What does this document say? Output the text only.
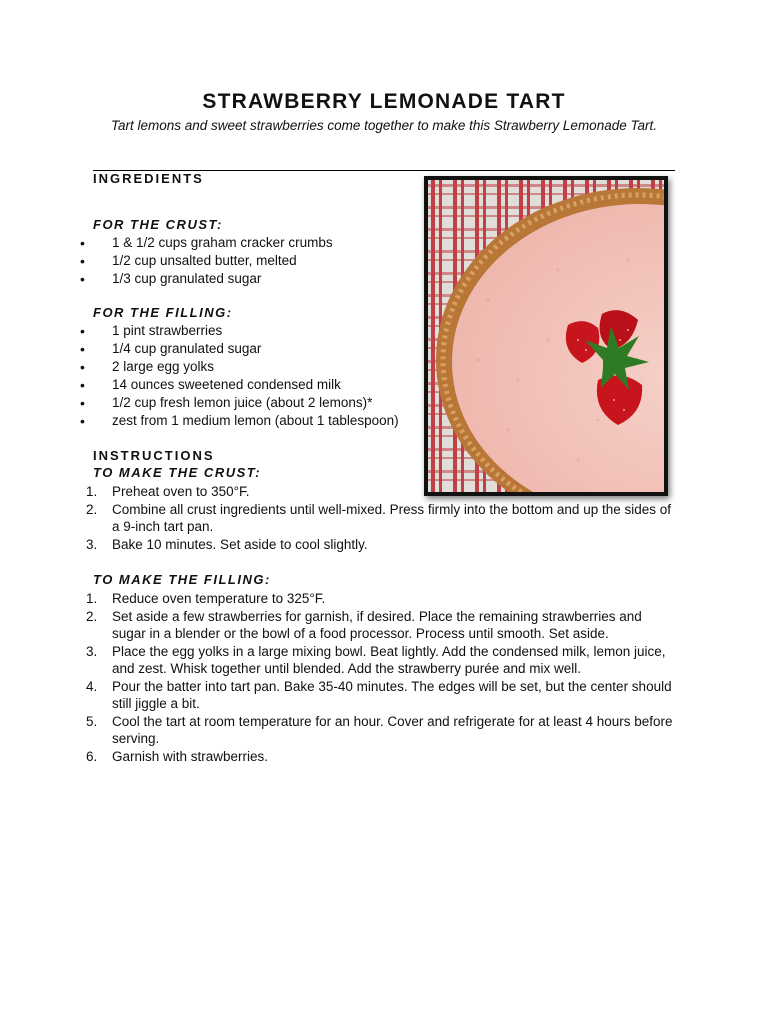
STRAWBERRY LEMONADE TART

Tart lemons and sweet strawberries come together to make this Strawberry Lemonade Tart.

INGREDIENTS
FOR THE CRUST:
• 1 & 1/2 cups graham cracker crumbs
• 1/2 cup unsalted butter, melted
• 1/3 cup granulated sugar
FOR THE FILLING:
• 1 pint strawberries
• 1/4 cup granulated sugar
• 2 large egg yolks
• 14 ounces sweetened condensed milk
• 1/2 cup fresh lemon juice (about 2 lemons)*
• zest from 1 medium lemon (about 1 tablespoon)
INSTRUCTIONS
TO MAKE THE CRUST:
1. Preheat oven to 350°F.
2. Combine all crust ingredients until well-mixed. Press firmly into the bottom and up the sides of a 9-inch tart pan.
3. Bake 10 minutes. Set aside to cool slightly.
TO MAKE THE FILLING:
1. Reduce oven temperature to 325°F.
2. Set aside a few strawberries for garnish, if desired. Place the remaining strawberries and sugar in a blender or the bowl of a food processor. Process until smooth. Set aside.
3. Place the egg yolks in a large mixing bowl. Beat lightly. Add the condensed milk, lemon juice, and zest. Whisk together until blended. Add the strawberry purée and mix well.
4. Pour the batter into tart pan. Bake 35-40 minutes. The edges will be set, but the center should still jiggle a bit.
5. Cool the tart at room temperature for an hour. Cover and refrigerate for at least 4 hours before serving.
6. Garnish with strawberries.
